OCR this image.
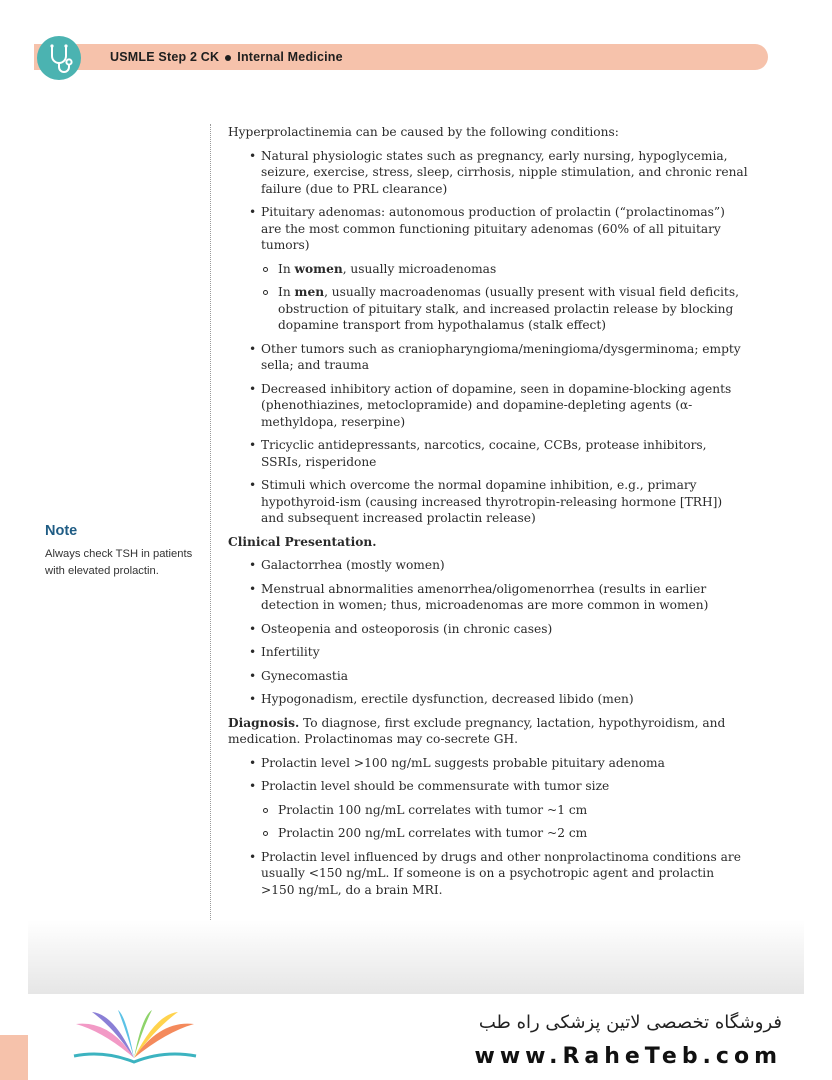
USMLE Step 2 CK Internal Medicine
Note
Always check TSH in patients with elevated prolactin.

Hyperprolactinemia can be caused by the following conditions:

• Natural physiologic states such as pregnancy, early nursing, hypoglycemia, seizure, exercise, stress, sleep, cirrhosis, nipple stimulation, and chronic renal failure (due to PRL clearance)
• Pituitary adenomas: autonomous production of prolactin (“prolactinomas”) are the most common functioning pituitary adenomas (60% of all pituitary tumors)
In women, usually microadenomas
In men, usually macroadenomas (usually present with visual field deficits, obstruction of pituitary stalk, and increased prolactin release by blocking dopamine transport from hypothalamus (stalk effect)
• Other tumors such as craniopharyngioma/meningioma/dysgerminoma; empty sella; and trauma
• Decreased inhibitory action of dopamine, seen in dopamine-blocking agents (phenothiazines, metoclopramide) and dopamine-depleting agents (α-methyldopa, reserpine)
• Tricyclic antidepressants, narcotics, cocaine, CCBs, protease inhibitors, SSRIs, risperidone
• Stimuli which overcome the normal dopamine inhibition, e.g., primary hypothyroid-ism (causing increased thyrotropin-releasing hormone [TRH]) and subsequent increased prolactin release)

Clinical Presentation.

• Galactorrhea (mostly women)
• Menstrual abnormalities amenorrhea/oligomenorrhea (results in earlier detection in women; thus, microadenomas are more common in women)
• Osteopenia and osteoporosis (in chronic cases)
• Infertility
• Gynecomastia
• Hypogonadism, erectile dysfunction, decreased libido (men)

Diagnosis. To diagnose, first exclude pregnancy, lactation, hypothyroidism, and medication. Prolactinomas may co-secrete GH.

• Prolactin level >100 ng/mL suggests probable pituitary adenoma
• Prolactin level should be commensurate with tumor size
Prolactin 100 ng/mL correlates with tumor ~1 cm
Prolactin 200 ng/mL correlates with tumor ~2 cm
• Prolactin level influenced by drugs and other nonprolactinoma conditions are usually <150 ng/mL. If someone is on a psychotropic agent and prolactin >150 ng/mL, do a brain MRI.
فروشگاه تخصصی لاتین پزشکی راه طب
www.RaheTeb.com
